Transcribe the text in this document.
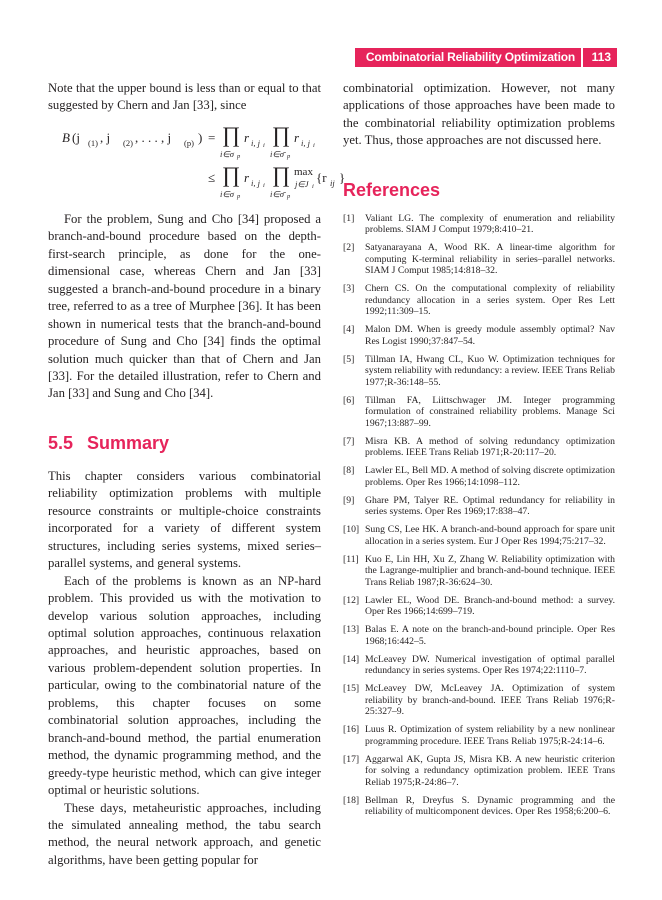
Combinatorial Reliability Optimization 113

Note that the upper bound is less than or equal to that suggested by Chern and Jan [33], since

B (j (1) , j (2) , . . . , j (p) ) = ∏ r i, j i ∏ r i, j i
i∈σ p	i∈σ̄ p
≤ ∏ r i, j i ∏ max
j∈J i
{r ij }
i∈σ p	i∈σ̄ p

For the problem, Sung and Cho [34] proposed a branch-and-bound procedure based on the depth-first-search principle, as done for the one-dimensional case, whereas Chern and Jan [33] suggested a branch-and-bound procedure in a binary tree, referred to as a tree of Murphee [36]. It has been shown in numerical tests that the branch-and-bound procedure of Sung and Cho [34] finds the optimal solution much quicker than that of Chern and Jan [33]. For the detailed illustration, refer to Chern and Jan [33] and Sung and Cho [34].

5.5 Summary

This chapter considers various combinatorial reliability optimization problems with multiple resource constraints or multiple-choice constraints incorporated for a variety of different system structures, including series systems, mixed series–parallel systems, and general systems.

Each of the problems is known as an NP-hard problem. This provided us with the motivation to develop various solution approaches, including optimal solution approaches, continuous relaxation approaches, and heuristic approaches, based on various problem-dependent solution properties. In particular, owing to the combinatorial nature of the problems, this chapter focuses on some combinatorial solution approaches, including the branch-and-bound method, the partial enumeration method, the dynamic programming method, and the greedy-type heuristic method, which can give integer optimal or heuristic solutions.

These days, metaheuristic approaches, including the simulated annealing method, the tabu search method, the neural network approach, and genetic algorithms, have been getting popular for

combinatorial optimization. However, not many applications of those approaches have been made to the combinatorial reliability optimization problems yet. Thus, those approaches are not discussed here.

References
[1] Valiant LG. The complexity of enumeration and reliability problems. SIAM J Comput 1979;8:410–21.
[2] Satyanarayana A, Wood RK. A linear-time algorithm for computing K-terminal reliability in series–parallel networks. SIAM J Comput 1985;14:818–32.
[3] Chern CS. On the computational complexity of reliability redundancy allocation in a series system. Oper Res Lett 1992;11:309–15.
[4] Malon DM. When is greedy module assembly optimal? Nav Res Logist 1990;37:847–54.
[5] Tillman IA, Hwang CL, Kuo W. Optimization techniques for system reliability with redundancy: a review. IEEE Trans Reliab 1977;R-36:148–55.
[6] Tillman FA, Liittschwager JM. Integer programming formulation of constrained reliability problems. Manage Sci 1967;13:887–99.
[7] Misra KB. A method of solving redundancy optimization problems. IEEE Trans Reliab 1971;R-20:117–20.
[8] Lawler EL, Bell MD. A method of solving discrete optimization problems. Oper Res 1966;14:1098–112.
[9] Ghare PM, Talyer RE. Optimal redundancy for reliability in series systems. Oper Res 1969;17:838–47.
[10] Sung CS, Lee HK. A branch-and-bound approach for spare unit allocation in a series system. Eur J Oper Res 1994;75:217–32.
[11] Kuo E, Lin HH, Xu Z, Zhang W. Reliability optimization with the Lagrange-multiplier and branch-and-bound technique. IEEE Trans Reliab 1987;R-36:624–30.
[12] Lawler EL, Wood DE. Branch-and-bound method: a survey. Oper Res 1966;14:699–719.
[13] Balas E. A note on the branch-and-bound principle. Oper Res 1968;16:442–5.
[14] McLeavey DW. Numerical investigation of optimal parallel redundancy in series systems. Oper Res 1974;22:1110–7.
[15] McLeavey DW, McLeavey JA. Optimization of system reliability by branch-and-bound. IEEE Trans Reliab 1976;R-25:327–9.
[16] Luus R. Optimization of system reliability by a new nonlinear programming procedure. IEEE Trans Reliab 1975;R-24:14–6.
[17] Aggarwal AK, Gupta JS, Misra KB. A new heuristic criterion for solving a redundancy optimization problem. IEEE Trans Reliab 1975;R-24:86–7.
[18] Bellman R, Dreyfus S. Dynamic programming and the reliability of multicomponent devices. Oper Res 1958;6:200–6.
